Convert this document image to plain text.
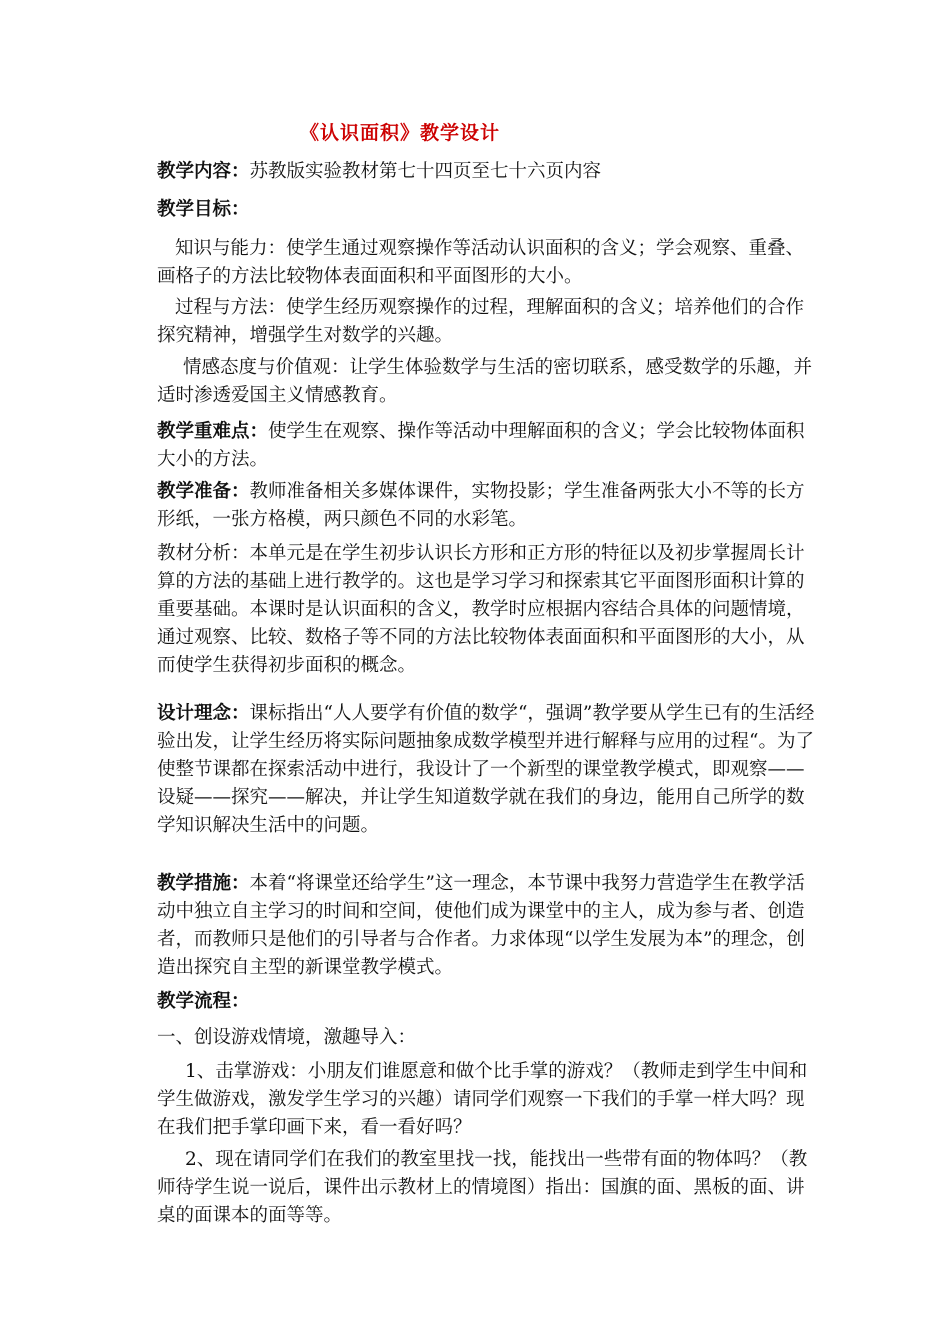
《认识面积》教学设计
教学内容：苏教版实验教材第七十四页至七十六页内容
教学目标：
知识与能力：使学生通过观察操作等活动认识面积的含义；学会观察、重叠、画格子的方法比较物体表面面积和平面图形的大小。
过程与方法：使学生经历观察操作的过程，理解面积的含义；培养他们的合作探究精神，增强学生对数学的兴趣。
情感态度与价值观：让学生体验数学与生活的密切联系，感受数学的乐趣，并适时渗透爱国主义情感教育。
教学重难点：使学生在观察、操作等活动中理解面积的含义；学会比较物体面积大小的方法。
教学准备：教师准备相关多媒体课件，实物投影；学生准备两张大小不等的长方形纸，一张方格模，两只颜色不同的水彩笔。
教材分析：本单元是在学生初步认识长方形和正方形的特征以及初步掌握周长计算的方法的基础上进行教学的。这也是学习学习和探索其它平面图形面积计算的重要基础。本课时是认识面积的含义，教学时应根据内容结合具体的问题情境，通过观察、比较、数格子等不同的方法比较物体表面面积和平面图形的大小，从而使学生获得初步面积的概念。
设计理念：课标指出“人人要学有价值的数学“，强调”教学要从学生已有的生活经验出发，让学生经历将实际问题抽象成数学模型并进行解释与应用的过程“。为了使整节课都在探索活动中进行，我设计了一个新型的课堂教学模式，即观察——设疑——探究——解决，并让学生知道数学就在我们的身边，能用自己所学的数学知识解决生活中的问题。
教学措施：本着“将课堂还给学生”这一理念，本节课中我努力营造学生在教学活动中独立自主学习的时间和空间，使他们成为课堂中的主人，成为参与者、创造者，而教师只是他们的引导者与合作者。力求体现“以学生发展为本”的理念，创造出探究自主型的新课堂教学模式。
教学流程：
一、创设游戏情境，激趣导入：
1、击掌游戏：小朋友们谁愿意和做个比手掌的游戏？（教师走到学生中间和学生做游戏，激发学生学习的兴趣）请同学们观察一下我们的手掌一样大吗？现在我们把手掌印画下来，看一看好吗？
2、现在请同学们在我们的教室里找一找，能找出一些带有面的物体吗？（教师待学生说一说后，课件出示教材上的情境图）指出：国旗的面、黑板的面、讲桌的面课本的面等等。
